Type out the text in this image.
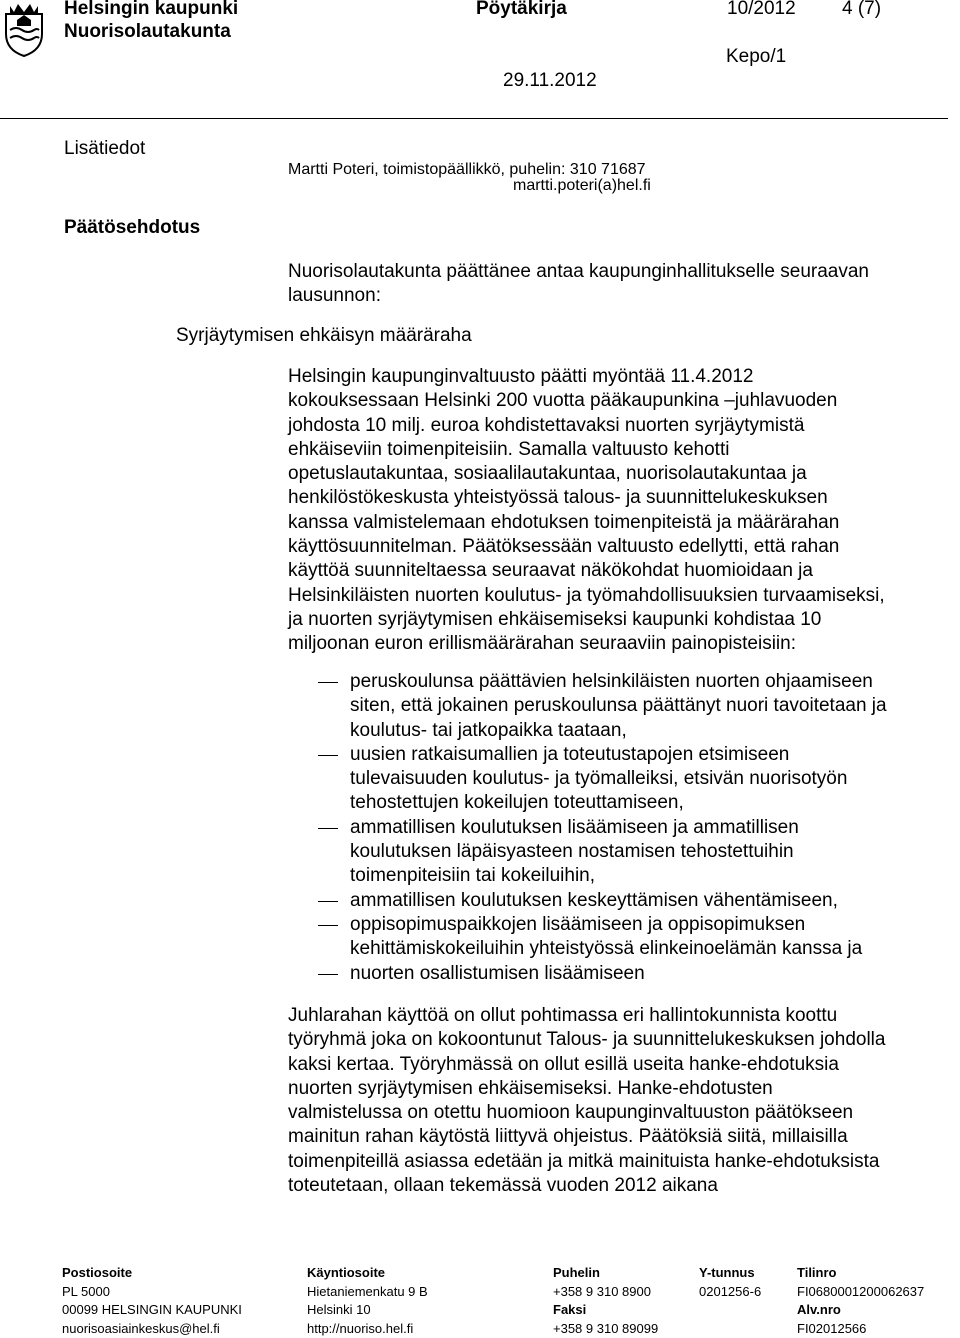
Helsingin kaupunki
Nuorisolautakunta
Pöytäkirja	10/2012 4 (7)
Kepo/1
29.11.2012
Lisätiedot
Päätösehdotus
Syrjäytymisen ehkäisyn määräraha
Martti Poteri, toimistopäällikkö, puhelin: 310 71687
martti.poteri(a)hel.fi

Nuorisolautakunta päättänee antaa kaupunginhallitukselle seuraavan
lausunnon:

Helsingin kaupunginvaltuusto päätti myöntää 11.4.2012
kokouksessaan Helsinki 200 vuotta pääkaupunkina –juhlavuoden
johdosta 10 milj. euroa kohdistettavaksi nuorten syrjäytymistä
ehkäiseviin toimenpiteisiin. Samalla valtuusto kehotti
opetuslautakuntaa, sosiaalilautakuntaa, nuorisolautakuntaa ja
henkilöstökeskusta yhteistyössä talous- ja suunnittelukeskuksen
kanssa valmistelemaan ehdotuksen toimenpiteistä ja määrärahan
käyttösuunnitelman. Päätöksessään valtuusto edellytti, että rahan
käyttöä suunniteltaessa seuraavat näkökohdat huomioidaan ja
Helsinkiläisten nuorten koulutus- ja työmahdollisuuksien turvaamiseksi,
ja nuorten syrjäytymisen ehkäisemiseksi kaupunki kohdistaa 10
miljoonan euron erillismäärärahan seuraaviin painopisteisiin:

peruskoulunsa päättävien helsinkiläisten nuorten ohjaamiseen
siten, että jokainen peruskoulunsa päättänyt nuori tavoitetaan ja
koulutus- tai jatkopaikka taataan,
uusien ratkaisumallien ja toteutustapojen etsimiseen
tulevaisuuden koulutus- ja työmalleiksi, etsivän nuorisotyön
tehostettujen kokeilujen toteuttamiseen,
ammatillisen koulutuksen lisäämiseen ja ammatillisen
koulutuksen läpäisyasteen nostamisen tehostettuihin
toimenpiteisiin tai kokeiluihin,
ammatillisen koulutuksen keskeyttämisen vähentämiseen,
oppisopimuspaikkojen lisäämiseen ja oppisopimuksen
kehittämiskokeiluihin yhteistyössä elinkeinoelämän kanssa ja
nuorten osallistumisen lisäämiseen

Juhlarahan käyttöä on ollut pohtimassa eri hallintokunnista koottu
työryhmä joka on kokoontunut Talous- ja suunnittelukeskuksen johdolla
kaksi kertaa. Työryhmässä on ollut esillä useita hanke-ehdotuksia
nuorten syrjäytymisen ehkäisemiseksi. Hanke-ehdotusten
valmistelussa on otettu huomioon kaupunginvaltuuston päätökseen
mainitun rahan käytöstä liittyvä ohjeistus. Päätöksiä siitä, millaisilla
toimenpiteillä asiassa edetään ja mitkä mainituista hanke-ehdotuksista
toteutetaan, ollaan tekemässä vuoden 2012 aikana

Postiosoite
PL 5000
00099 HELSINGIN KAUPUNKI
nuorisoasiainkeskus@hel.fi
Käyntiosoite
Hietaniemenkatu 9 B
Helsinki 10
http://nuoriso.hel.fi
Puhelin
+358 9 310 8900
Faksi
+358 9 310 89099
Y-tunnus
0201256-6
Tilinro
FI0680001200062637
Alv.nro
FI02012566
